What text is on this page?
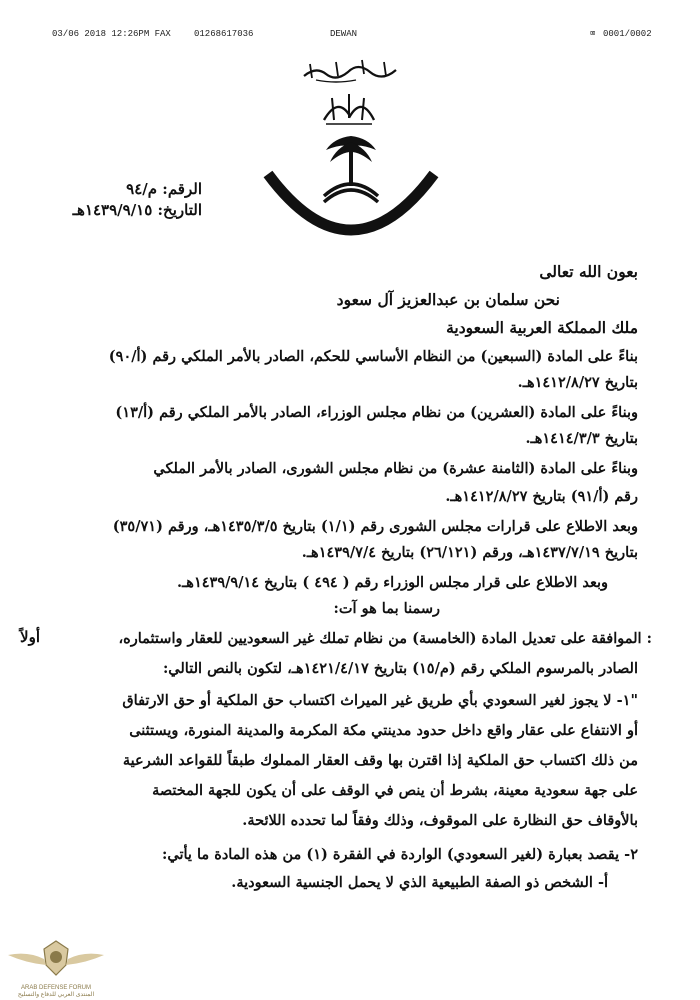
03/06 2018 12:26PM FAX	01268617036	DEWAN	⌧ 0001/0002
الرقم: م/٩٤
التاريخ: ١٤٣٩/٩/١٥هـ
بعون الله تعالى
نحن سلمان بن عبدالعزيز آل سعود
ملك المملكة العربية السعودية
بناءً على المادة (السبعين) من النظام الأساسي للحكم، الصادر بالأمر الملكي رقم (أ/٩٠)
بتاريخ ١٤١٢/٨/٢٧هـ.
وبناءً على المادة (العشرين) من نظام مجلس الوزراء، الصادر بالأمر الملكي رقم (أ/١٣)
بتاريخ ١٤١٤/٣/٣هـ.
وبناءً على المادة (الثامنة عشرة) من نظام مجلس الشورى، الصادر بالأمر الملكي
رقم (أ/٩١) بتاريخ ١٤١٢/٨/٢٧هـ.
وبعد الاطلاع على قرارات مجلس الشورى رقم (١/١) بتاريخ ١٤٣٥/٣/٥هـ، ورقم (٣٥/٧١)
بتاريخ ١٤٣٧/٧/١٩هـ، ورقم (٢٦/١٢١) بتاريخ ١٤٣٩/٧/٤هـ.
وبعد الاطلاع على قرار مجلس الوزراء رقم ( ٤٩٤ ) بتاريخ ١٤٣٩/٩/١٤هـ.
رسمنا بما هو آت:
أولاً	: الموافقة على تعديل المادة (الخامسة) من نظام تملك غير السعوديين للعقار واستثماره،
الصادر بالمرسوم الملكي رقم (م/١٥) بتاريخ ١٤٢١/٤/١٧هـ، لتكون بالنص التالي:
"١- لا يجوز لغير السعودي بأي طريق غير الميراث اكتساب حق الملكية أو حق الارتفاق
أو الانتفاع على عقار واقع داخل حدود مدينتي مكة المكرمة والمدينة المنورة، ويستثنى
من ذلك اكتساب حق الملكية إذا اقترن بها وقف العقار المملوك طبقاً للقواعد الشرعية
على جهة سعودية معينة، بشرط أن ينص في الوقف على أن يكون للجهة المختصة
بالأوقاف حق النظارة على الموقوف، وذلك وفقاً لما تحدده اللائحة.
٢- يقصد بعبارة (لغير السعودي) الواردة في الفقرة (١) من هذه المادة ما يأتي:
أ- الشخص ذو الصفة الطبيعية الذي لا يحمل الجنسية السعودية.
ARAB DEFENSE FORUM
المنتدى العربي للدفاع والتسليح
